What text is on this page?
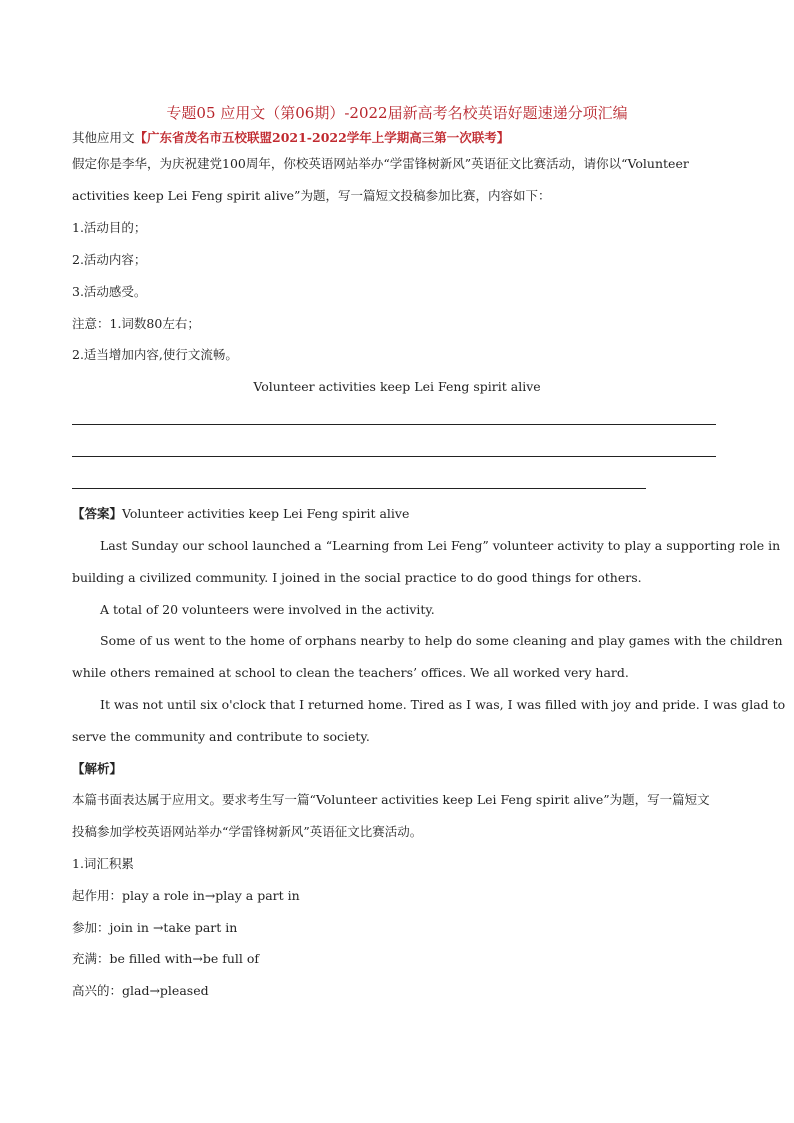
专题05 应用文（第06期）-2022届新高考名校英语好题速递分项汇编
其他应用文【广东省茂名市五校联盟2021-2022学年上学期高三第一次联考】
假定你是李华，为庆祝建党100周年，你校英语网站举办“学雷锋树新风”英语征文比赛活动，请你以“Volunteer
activities keep Lei Feng spirit alive”为题，写一篇短文投稿参加比赛，内容如下：
1.活动目的；
2.活动内容；
3.活动感受。
注意：1.词数80左右；
2.适当增加内容,使行文流畅。
Volunteer activities keep Lei Feng spirit alive
【答案】Volunteer activities keep Lei Feng spirit alive
Last Sunday our school launched a “Learning from Lei Feng” volunteer activity to play a supporting role in
building a civilized community. I joined in the social practice to do good things for others.
A total of 20 volunteers were involved in the activity.
Some of us went to the home of orphans nearby to help do some cleaning and play games with the children
while others remained at school to clean the teachers’ offices. We all worked very hard.
It was not until six o'clock that I returned home. Tired as I was, I was filled with joy and pride. I was glad to
serve the community and contribute to society.
【解析】
本篇书面表达属于应用文。要求考生写一篇“Volunteer activities keep Lei Feng spirit alive”为题，写一篇短文
投稿参加学校英语网站举办“学雷锋树新风”英语征文比赛活动。
1.词汇积累
起作用：play a role in→play a part in
参加：join in →take part in
充满：be filled with→be full of
高兴的：glad→pleased
